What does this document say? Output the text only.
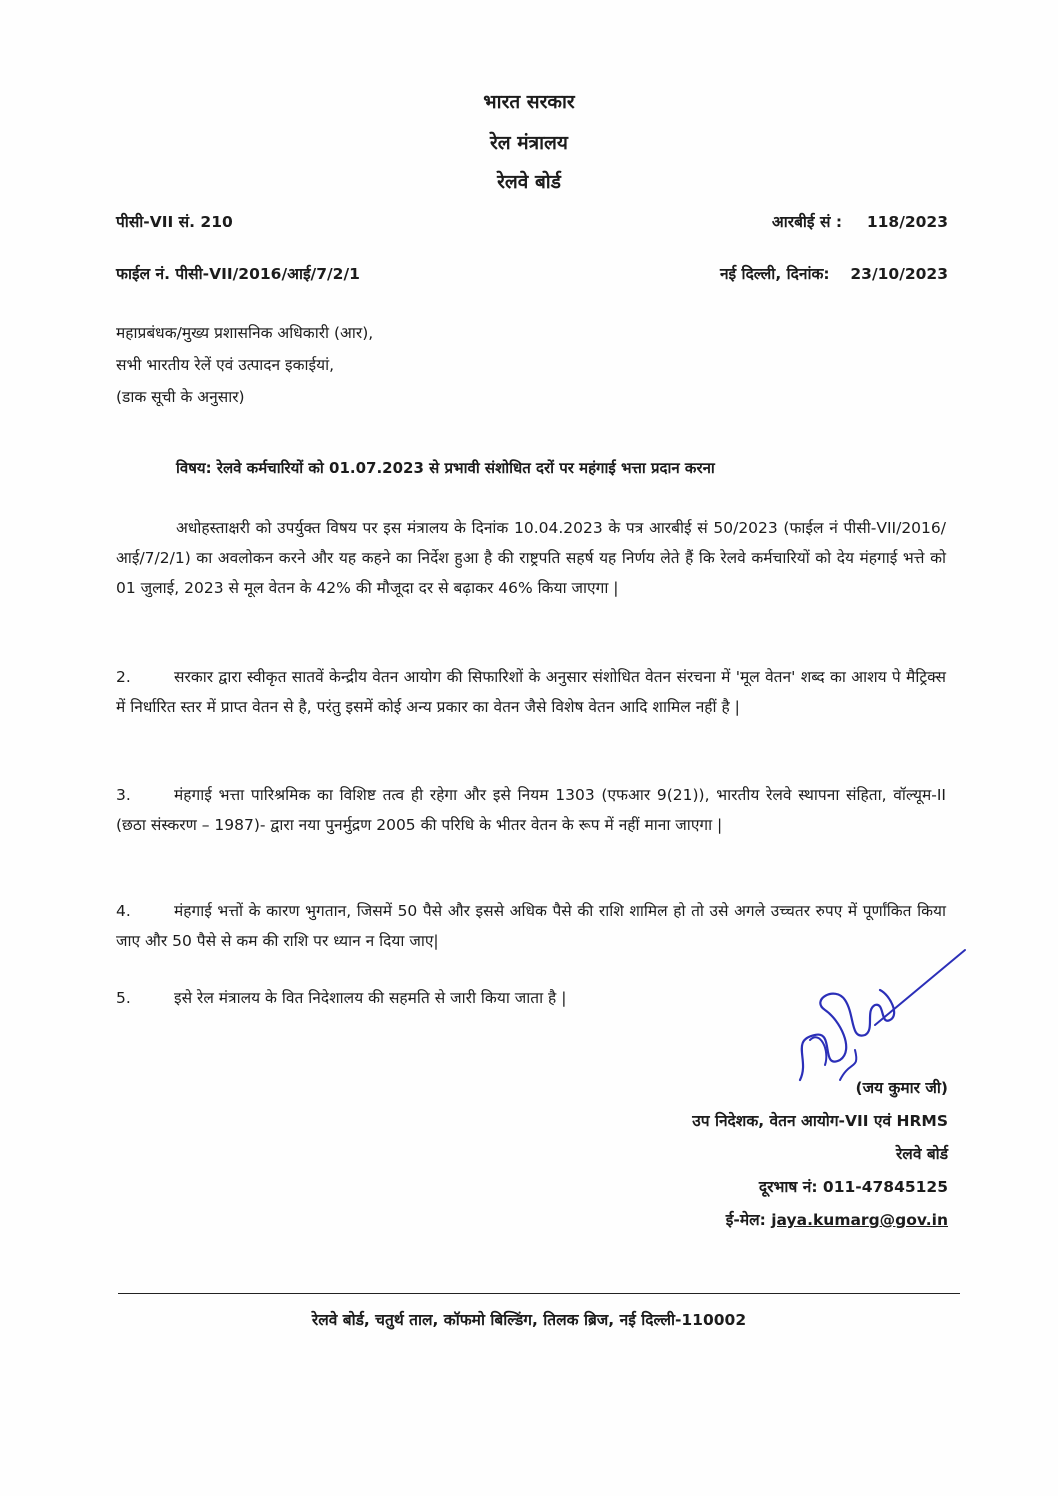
भारत सरकार
रेल मंत्रालय
रेलवे बोर्ड
पीसी-VII सं. 210	आरबीई सं : 118/2023
फाईल नं. पीसी-VII/2016/आई/7/2/1	नई दिल्ली, दिनांक: 23/10/2023
महाप्रबंधक/मुख्य प्रशासनिक अधिकारी (आर),
सभी भारतीय रेलें एवं उत्पादन इकाईयां,
(डाक सूची के अनुसार)
विषय: रेलवे कर्मचारियों को 01.07.2023 से प्रभावी संशोधित दरों पर महंगाई भत्ता प्रदान करना
अधोहस्ताक्षरी को उपर्युक्त विषय पर इस मंत्रालय के दिनांक 10.04.2023 के पत्र आरबीई सं 50/2023 (फाईल नं पीसी-VII/2016/आई/7/2/1) का अवलोकन करने और यह कहने का निर्देश हुआ है की राष्ट्रपति सहर्ष यह निर्णय लेते हैं कि रेलवे कर्मचारियों को देय मंहगाई भत्ते को 01 जुलाई, 2023 से मूल वेतन के 42% की मौजूदा दर से बढ़ाकर 46% किया जाएगा |
2.	सरकार द्वारा स्वीकृत सातवें केन्द्रीय वेतन आयोग की सिफारिशों के अनुसार संशोधित वेतन संरचना में 'मूल वेतन' शब्द का आशय पे मैट्रिक्स में निर्धारित स्तर में प्राप्त वेतन से है, परंतु इसमें कोई अन्य प्रकार का वेतन जैसे विशेष वेतन आदि शामिल नहीं है |
3.	मंहगाई भत्ता पारिश्रमिक का विशिष्ट तत्व ही रहेगा और इसे नियम 1303 (एफआर 9(21)), भारतीय रेलवे स्थापना संहिता, वॉल्यूम-II (छठा संस्करण – 1987)- द्वारा नया पुनर्मुद्रण 2005 की परिधि के भीतर वेतन के रूप में नहीं माना जाएगा |
4.	मंहगाई भत्तों के कारण भुगतान, जिसमें 50 पैसे और इससे अधिक पैसे की राशि शामिल हो तो उसे अगले उच्चतर रुपए में पूर्णांकित किया जाए और 50 पैसे से कम की राशि पर ध्यान न दिया जाए|
5.	इसे रेल मंत्रालय के वित निदेशालय की सहमति से जारी किया जाता है |
(जय कुमार जी)
उप निदेशक, वेतन आयोग-VII एवं HRMS
रेलवे बोर्ड
दूरभाष नं: 011-47845125
ई-मेल: jaya.kumarg@gov.in
रेलवे बोर्ड, चतुर्थ ताल, कॉफमो बिल्डिंग, तिलक ब्रिज, नई दिल्ली-110002
